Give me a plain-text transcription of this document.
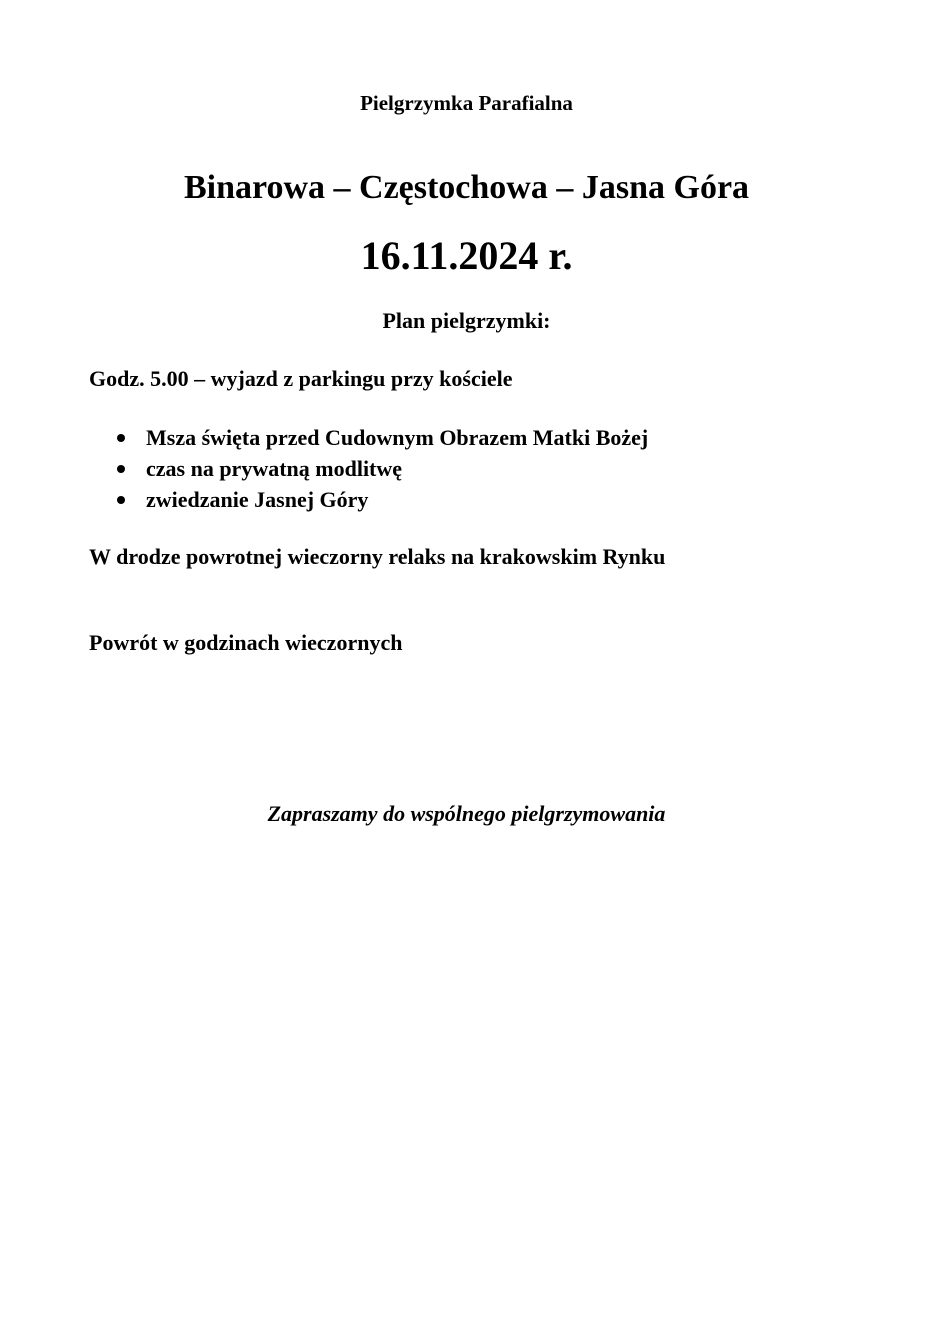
Pielgrzymka Parafialna
Binarowa – Częstochowa – Jasna Góra
16.11.2024 r.
Plan pielgrzymki:
Godz. 5.00 – wyjazd z parkingu przy kościele
Msza święta przed Cudownym Obrazem Matki Bożej
czas na prywatną modlitwę
zwiedzanie Jasnej Góry
W drodze powrotnej wieczorny relaks na krakowskim Rynku
Powrót w godzinach wieczornych
Zapraszamy do wspólnego pielgrzymowania
